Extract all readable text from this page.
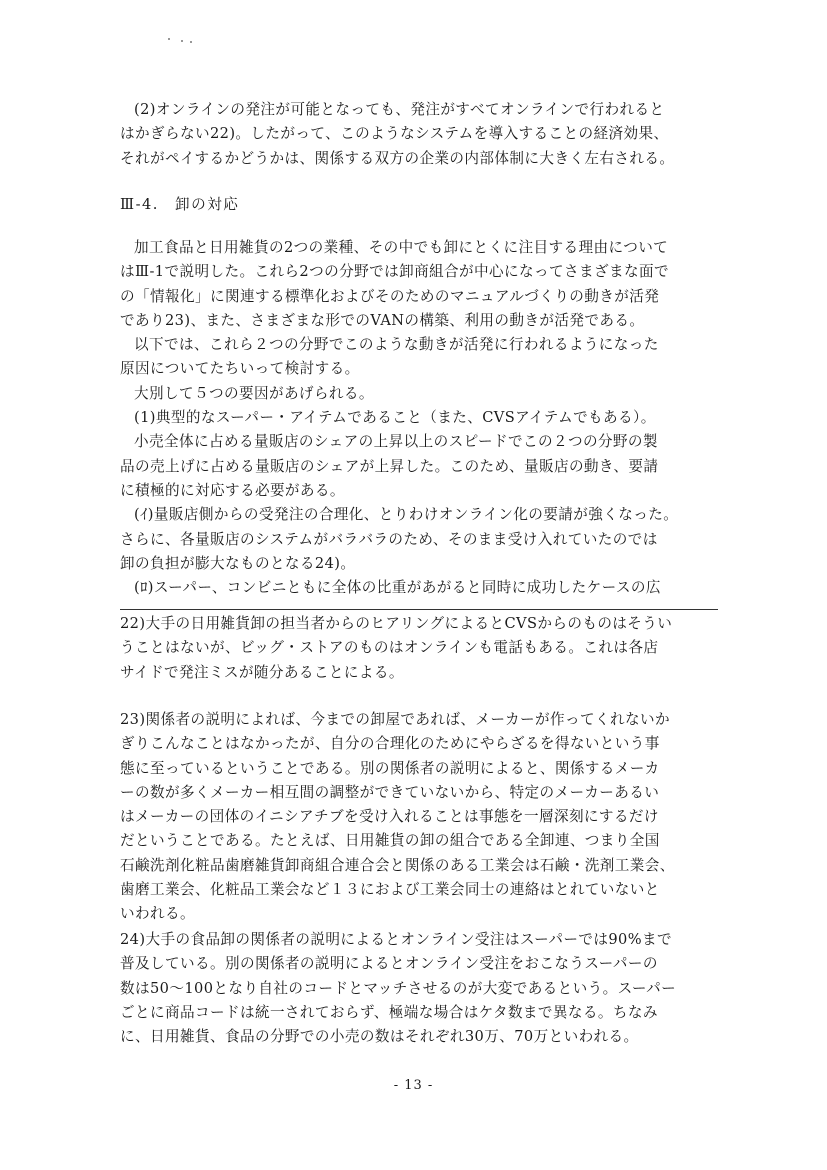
(2)オンラインの発注が可能となっても、発注がすべてオンラインで行われると
はかぎらない22)。したがって、このようなシステムを導入することの経済効果、
それがペイするかどうかは、関係する双方の企業の内部体制に大きく左右される。
Ⅲ-4.　卸の対応
加工食品と日用雑貨の2つの業種、その中でも卸にとくに注目する理由について
はⅢ-1で説明した。これら2つの分野では卸商組合が中心になってさまざまな面で
の「情報化」に関連する標準化およびそのためのマニュアルづくりの動きが活発
であり23)、また、さまざまな形でのVANの構築、利用の動きが活発である。
以下では、これら２つの分野でこのような動きが活発に行われるようになった
原因についてたちいって検討する。
大別して５つの要因があげられる。
(1)典型的なスーパー・アイテムであること（また、CVSアイテムでもある）。
小売全体に占める量販店のシェアの上昇以上のスピードでこの２つの分野の製
品の売上げに占める量販店のシェアが上昇した。このため、量販店の動き、要請
に積極的に対応する必要がある。
(ｲ)量販店側からの受発注の合理化、とりわけオンライン化の要請が強くなった。
さらに、各量販店のシステムがバラバラのため、そのまま受け入れていたのでは
卸の負担が膨大なものとなる24)。
(ﾛ)スーパー、コンビニともに全体の比重があがると同時に成功したケースの広
22)大手の日用雑貨卸の担当者からのヒアリングによるとCVSからのものはそうい
うことはないが、ビッグ・ストアのものはオンラインも電話もある。これは各店
サイドで発注ミスが随分あることによる。
23)関係者の説明によれば、今までの卸屋であれば、メーカーが作ってくれないか
ぎりこんなことはなかったが、自分の合理化のためにやらざるを得ないという事
態に至っているということである。別の関係者の説明によると、関係するメーカ
ーの数が多くメーカー相互間の調整ができていないから、特定のメーカーあるい
はメーカーの団体のイニシアチブを受け入れることは事態を一層深刻にするだけ
だということである。たとえば、日用雑貨の卸の組合である全卸連、つまり全国
石鹸洗剤化粧品歯磨雑貨卸商組合連合会と関係のある工業会は石鹸・洗剤工業会、
歯磨工業会、化粧品工業会など１３におよび工業会同士の連絡はとれていないと
いわれる。
24)大手の食品卸の関係者の説明によるとオンライン受注はスーパーでは90%まで
普及している。別の関係者の説明によるとオンライン受注をおこなうスーパーの
数は50～100となり自社のコードとマッチさせるのが大変であるという。スーパー
ごとに商品コードは統一されておらず、極端な場合はケタ数まで異なる。ちなみ
に、日用雑貨、食品の分野での小売の数はそれぞれ30万、70万といわれる。
- 13 -
